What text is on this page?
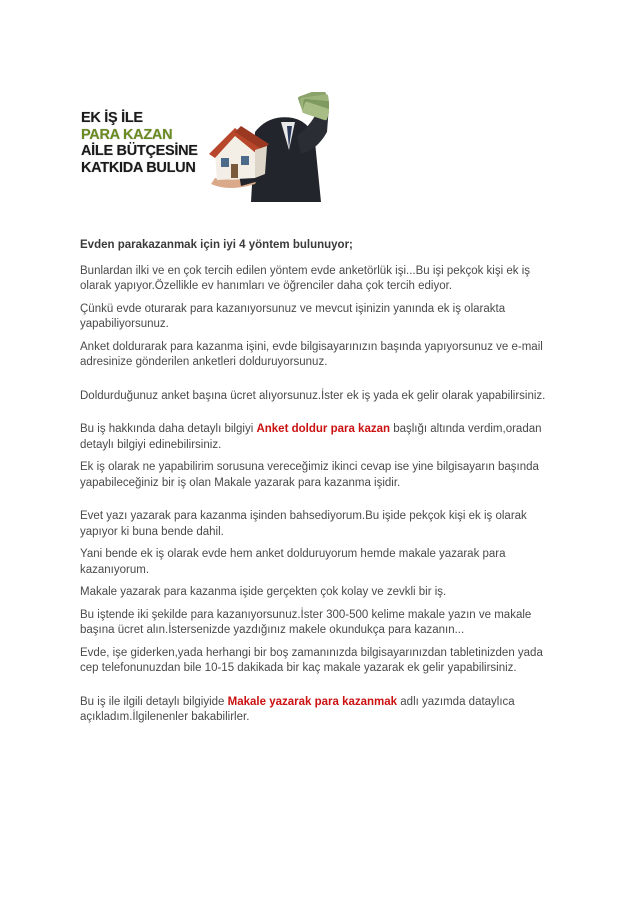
EK İŞ İLE
PARA KAZAN
AİLE BÜTÇESİNE
KATKIDA BULUN

Evden parakazanmak için iyi 4 yöntem bulunuyor;

Bunlardan ilki ve en çok tercih edilen yöntem evde anketörlük işi...Bu işi pekçok kişi ek iş olarak yapıyor.Özellikle ev hanımları ve öğrenciler daha çok tercih ediyor.

Çünkü evde oturarak para kazanıyorsunuz ve mevcut işinizin yanında ek iş olarakta yapabiliyorsunuz.

Anket doldurarak para kazanma işini, evde bilgisayarınızın başında yapıyorsunuz ve e-mail adresinize gönderilen anketleri dolduruyorsunuz.

Doldurduğunuz anket başına ücret alıyorsunuz.İster ek iş yada ek gelir olarak yapabilirsiniz.

Bu iş hakkında daha detaylı bilgiyi Anket doldur para kazan başlığı altında verdim,oradan detaylı bilgiyi edinebilirsiniz.

Ek iş olarak ne yapabilirim sorusuna vereceğimiz ikinci cevap ise yine bilgisayarın başında yapabileceğiniz bir iş olan Makale yazarak para kazanma işidir.

Evet yazı yazarak para kazanma işinden bahsediyorum.Bu işide pekçok kişi ek iş olarak yapıyor ki buna bende dahil.

Yani bende ek iş olarak evde hem anket dolduruyorum hemde makale yazarak para kazanıyorum.

Makale yazarak para kazanma işide gerçekten çok kolay ve zevkli bir iş.

Bu iştende iki şekilde para kazanıyorsunuz.İster 300-500 kelime makale yazın ve makale başına ücret alın.İstersenizde yazdığınız makele okundukça para kazanın...

Evde, işe giderken,yada herhangi bir boş zamanınızda bilgisayarınızdan tabletinizden yada cep telefonunuzdan bile 10-15 dakikada bir kaç makale yazarak ek gelir yapabilirsiniz.

Bu iş ile ilgili detaylı bilgiyide Makale yazarak para kazanmak adlı yazımda dataylıca açıkladım.İlgilenenler bakabilirler.
